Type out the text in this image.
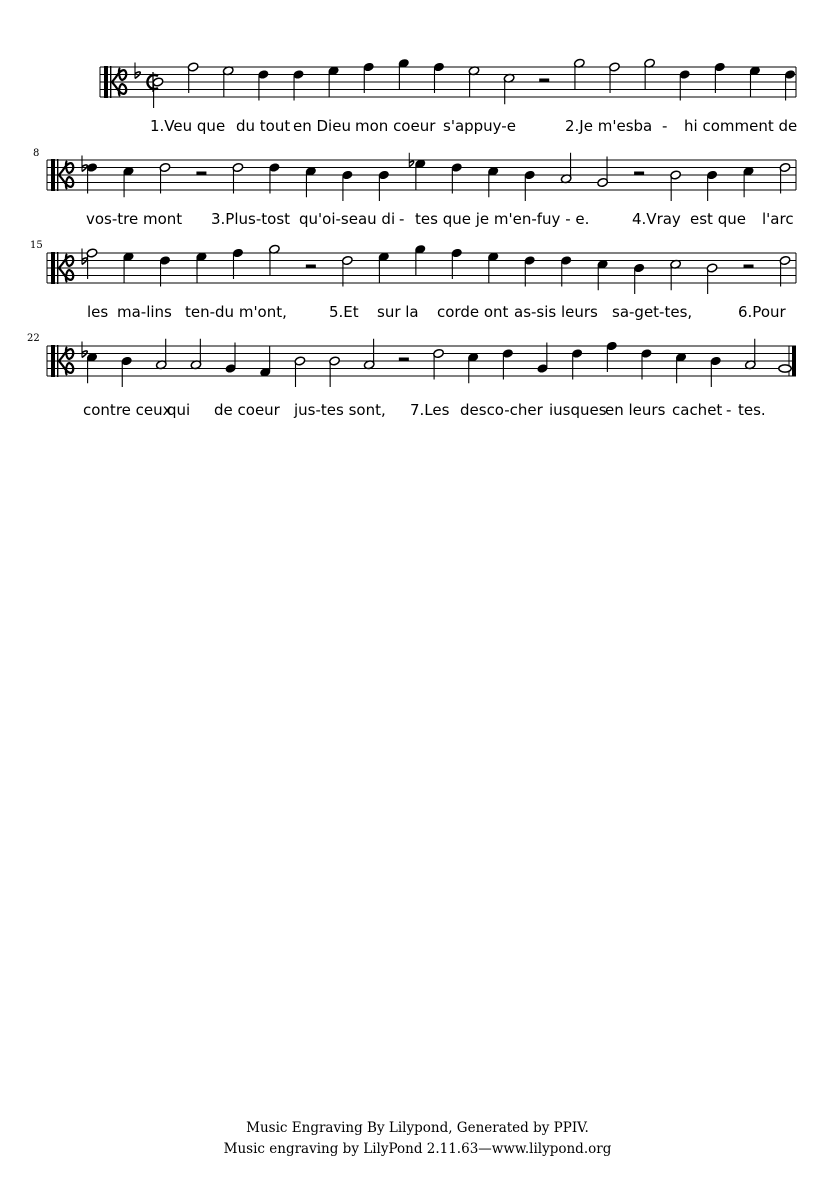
1.Veu que du tout en Dieu mon coeur s'appuy-e	2.Je m'esba - hi comment de
8
vos-tre mont 3.Plus-tost qu'oi-seau di - tes que je m'en-fuy - e.	4.Vray est que l'arc
15
les ma-lins ten-du m'ont,	5.Et sur la corde ont as-sis leurs sa-get-tes,	6.Pour
22
contre ceux
qui de coeur jus-tes sont, 7.Les desco-cher iusques
en leurs cachet - tes.
Music Engraving By Lilypond, Generated by PPIV.
Music engraving by LilyPond 2.11.63—www.lilypond.org
